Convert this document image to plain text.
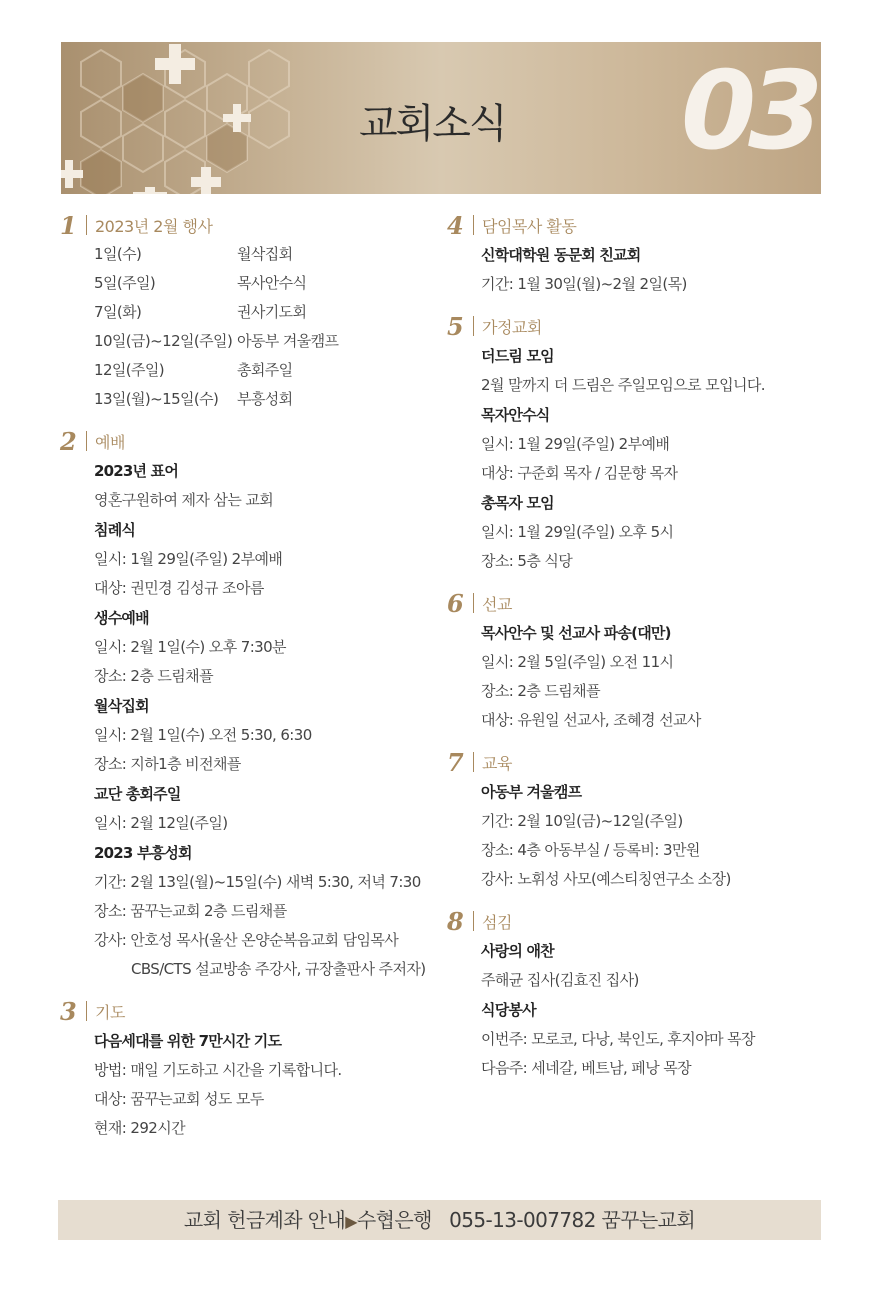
교회소식 03
1	2023년 2월 행사
1일(수)	월삭집회
5일(주일)	목사안수식
7일(화)	권사기도회
10일(금)~12일(주일) 아동부 겨울캠프
12일(주일)	총회주일
13일(월)~15일(수)	부흥성회
2	예배
2023년 표어
영혼구원하여 제자 삼는 교회
침례식
일시: 1월 29일(주일) 2부예배
대상: 권민경 김성규 조아름
생수예배
일시: 2월 1일(수) 오후 7:30분
장소: 2층 드림채플
월삭집회
일시: 2월 1일(수) 오전 5:30, 6:30
장소: 지하1층 비전채플
교단 총회주일
일시: 2월 12일(주일)
2023 부흥성회
기간: 2월 13일(월)~15일(수) 새벽 5:30, 저녁 7:30
장소: 꿈꾸는교회 2층 드림채플
강사: 안호성 목사(울산 온양순복음교회 담임목사
CBS/CTS 설교방송 주강사, 규장출판사 주저자)
3	기도
다음세대를 위한 7만시간 기도
방법: 매일 기도하고 시간을 기록합니다.
대상: 꿈꾸는교회 성도 모두
현재: 292시간
4	담임목사 활동
신학대학원 동문회 친교회
기간: 1월 30일(월)~2월 2일(목)
5	가정교회
더드림 모임
2월 말까지 더 드림은 주일모임으로 모입니다.
목자안수식
일시: 1월 29일(주일) 2부예배
대상: 구준회 목자 / 김문향 목자
총목자 모임
일시: 1월 29일(주일) 오후 5시
장소: 5층 식당
6	선교
목사안수 및 선교사 파송(대만)
일시: 2월 5일(주일) 오전 11시
장소: 2층 드림채플
대상: 유원일 선교사, 조혜경 선교사
7	교육
아동부 겨울캠프
기간: 2월 10일(금)~12일(주일)
장소: 4층 아동부실 / 등록비: 3만원
강사: 노휘성 사모(예스티칭연구소 소장)
8	섬김
사랑의 애찬
주해균 집사(김효진 집사)
식당봉사
이번주: 모로코, 다낭, 북인도, 후지야마 목장
다음주: 세네갈, 베트남, 페낭 목장
교회 헌금계좌 안내▶수협은행 055-13-007782 꿈꾸는교회
